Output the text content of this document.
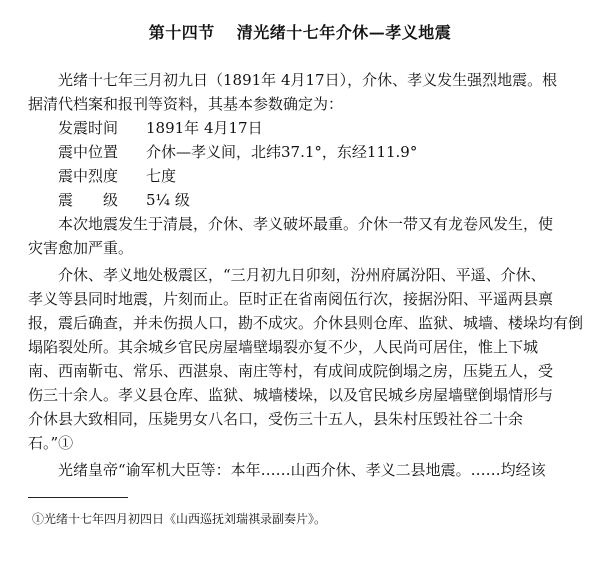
第十四节 清光绪十七年介休—孝义地震
光绪十七年三月初九日（1891年 4月17日），介休、孝义发生强烈地震。根
据清代档案和报刊等资料，其基本参数确定为：
发震时间 1891年 4月17日
震中位置 介休—孝义间，北纬37.1°，东经111.9°
震中烈度 七度
震　　级 5¼ 级
本次地震发生于清晨，介休、孝义破坏最重。介休一带又有龙卷风发生，使
灾害愈加严重。
介休、孝义地处极震区，“三月初九日卯刻，汾州府属汾阳、平遥、介休、
孝义等县同时地震，片刻而止。臣时正在省南阅伍行次，接据汾阳、平遥两县禀
报，震后确查，并未伤损人口，勘不成灾。介休县则仓库、监狱、城墙、楼垛均有倒
塌陷裂处所。其余城乡官民房屋墙壁塌裂亦复不少，人民尚可居住，惟上下城
南、西南靳屯、常乐、西湛泉、南庄等村，有成间成院倒塌之房，压毙五人，受
伤三十余人。孝义县仓库、监狱、城墙楼垛，以及官民城乡房屋墙壁倒塌情形与
介休县大致相同，压毙男女八名口，受伤三十五人，县朱村压毁社谷二十余
石。”①
光绪皇帝“谕军机大臣等：本年……山西介休、孝义二县地震。……均经该
①光绪十七年四月初四日《山西巡抚刘瑞祺录副奏片》。
